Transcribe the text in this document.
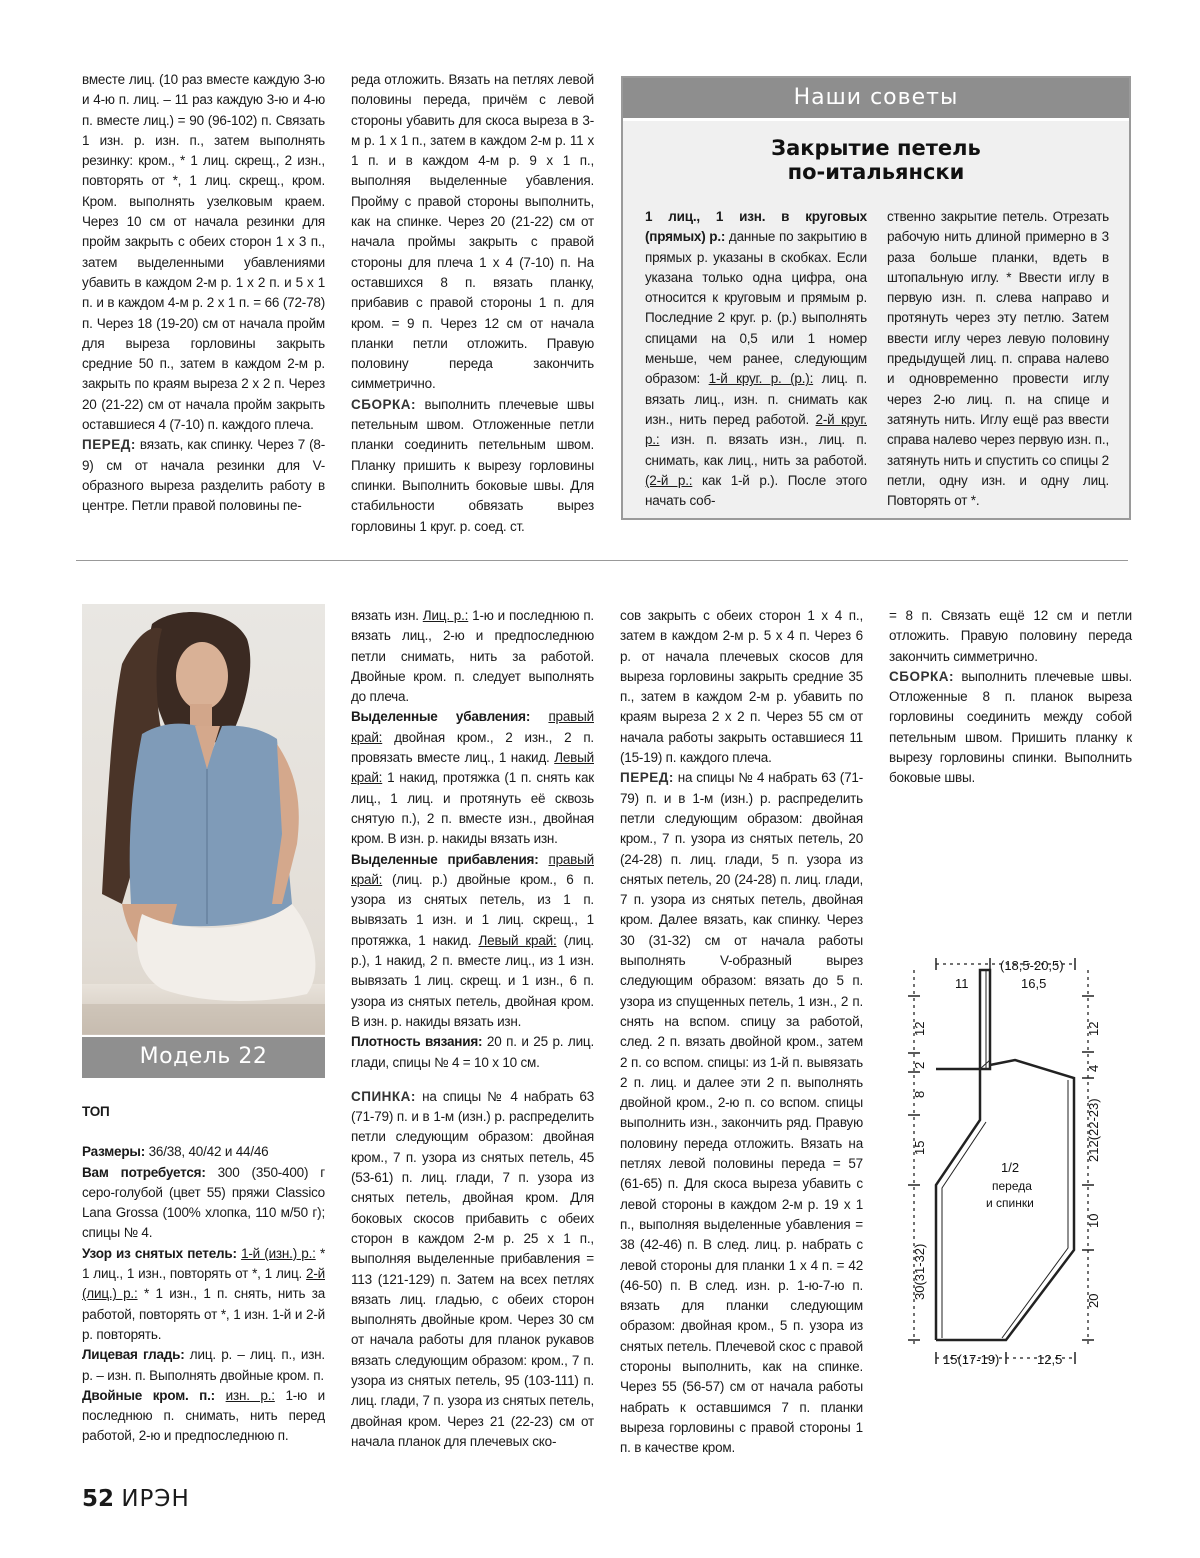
вместе лиц. (10 раз вместе каждую 3-ю и 4-ю п. лиц. – 11 раз каждую 3-ю и 4-ю п. вместе лиц.) = 90 (96-102) п. Связать 1 изн. р. изн. п., затем выполнять резинку: кром., * 1 лиц. скрещ., 2 изн., повторять от *, 1 лиц. скрещ., кром. Кром. выполнять узелковым краем. Через 10 см от начала резинки для пройм закрыть с обеих сторон 1 х 3 п., затем выделенными убавлениями убавить в каждом 2-м р. 1 х 2 п. и 5 х 1 п. и в каждом 4-м р. 2 х 1 п. = 66 (72-78) п. Через 18 (19-20) см от начала пройм для выреза горловины закрыть средние 50 п., затем в каждом 2-м р. закрыть по краям выреза 2 х 2 п. Через 20 (21-22) см от начала пройм закрыть оставшиеся 4 (7-10) п. каждого плеча.

ПЕРЕД: вязать, как спинку. Через 7 (8-9) см от начала резинки для V-образного выреза разделить работу в центре. Петли правой половины пе-

реда отложить. Вязать на петлях левой половины переда, причём с левой стороны убавить для скоса выреза в 3-м р. 1 х 1 п., затем в каждом 2-м р. 11 х 1 п. и в каждом 4-м р. 9 х 1 п., выполняя выделенные убавления. Пройму с правой стороны выполнить, как на спинке. Через 20 (21-22) см от начала проймы закрыть с правой стороны для плеча 1 х 4 (7-10) п. На оставшихся 8 п. вязать планку, прибавив с правой стороны 1 п. для кром. = 9 п. Через 12 см от начала планки петли отложить. Правую половину переда закончить симметрично.

СБОРКА: выполнить плечевые швы петельным швом. Отложенные петли планки соединить петельным швом. Планку пришить к вырезу горловины спинки. Выполнить боковые швы. Для стабильности обвязать вырез горловины 1 круг. р. соед. ст.

Наши советы
Закрытие петель
по-итальянски

1 лиц., 1 изн. в круговых (прямых) р.: данные по закрытию в прямых р. указаны в скобках. Если указана только одна цифра, она относится к круговым и прямым р. Последние 2 круг. р. (р.) выполнять спицами на 0,5 или 1 номер меньше, чем ранее, следующим образом: 1-й круг. р. (р.): лиц. п. вязать лиц., изн. п. снимать как изн., нить перед работой. 2-й круг. р.: изн. п. вязать изн., лиц. п. снимать, как лиц., нить за работой. (2-й р.: как 1-й р.). После этого начать соб-

ственно закрытие петель. Отрезать рабочую нить длиной примерно в 3 раза больше планки, вдеть в штопальную иглу. * Ввести иглу в первую изн. п. слева направо и протянуть через эту петлю. Затем ввести иглу через левую половину предыдущей лиц. п. справа налево и одновременно провести иглу через 2-ю лиц. п. на спице и затянуть нить. Иглу ещё раз ввести справа налево через первую изн. п., затянуть нить и спустить со спицы 2 петли, одну изн. и одну лиц. Повторять от *.

Модель 22

ТОП

Размеры: 36/38, 40/42 и 44/46

Вам потребуется: 300 (350-400) г серо-голубой (цвет 55) пряжи Classico Lana Grossa (100% хлопка, 110 м/50 г); спицы № 4.

Узор из снятых петель: 1-й (изн.) р.: * 1 лиц., 1 изн., повторять от *, 1 лиц. 2-й (лиц.) р.: * 1 изн., 1 п. снять, нить за работой, повторять от *, 1 изн. 1-й и 2-й р. повторять.

Лицевая гладь: лиц. р. – лиц. п., изн. р. – изн. п. Выполнять двойные кром. п.

Двойные кром. п.: изн. р.: 1-ю и последнюю п. снимать, нить перед работой, 2-ю и предпоследнюю п.

вязать изн. Лиц. р.: 1-ю и последнюю п. вязать лиц., 2-ю и предпоследнюю петли снимать, нить за работой. Двойные кром. п. следует выполнять до плеча.

Выделенные убавления: правый край: двойная кром., 2 изн., 2 п. провязать вместе лиц., 1 накид. Левый край: 1 накид, протяжка (1 п. снять как лиц., 1 лиц. и протянуть её сквозь снятую п.), 2 п. вместе изн., двойная кром. В изн. р. накиды вязать изн.

Выделенные прибавления: правый край: (лиц. р.) двойные кром., 6 п. узора из снятых петель, из 1 п. вывязать 1 изн. и 1 лиц. скрещ., 1 протяжка, 1 накид. Левый край: (лиц. р.), 1 накид, 2 п. вместе лиц., из 1 изн. вывязать 1 лиц. скрещ. и 1 изн., 6 п. узора из снятых петель, двойная кром. В изн. р. накиды вязать изн.

Плотность вязания: 20 п. и 25 р. лиц. глади, спицы № 4 = 10 х 10 см.

СПИНКА: на спицы № 4 набрать 63 (71-79) п. и в 1-м (изн.) р. распределить петли следующим образом: двойная кром., 7 п. узора из снятых петель, 45 (53-61) п. лиц. глади, 7 п. узора из снятых петель, двойная кром. Для боковых скосов прибавить с обеих сторон в каждом 2-м р. 25 х 1 п., выполняя выделенные прибавления = 113 (121-129) п. Затем на всех петлях вязать лиц. гладью, с обеих сторон выполнять двойные кром. Через 30 см от начала работы для планок рукавов вязать следующим образом: кром., 7 п. узора из снятых петель, 95 (103-111) п. лиц. глади, 7 п. узора из снятых петель, двойная кром. Через 21 (22-23) см от начала планок для плечевых ско-

сов закрыть с обеих сторон 1 х 4 п., затем в каждом 2-м р. 5 х 4 п. Через 6 р. от начала плечевых скосов для выреза горловины закрыть средние 35 п., затем в каждом 2-м р. убавить по краям выреза 2 х 2 п. Через 55 см от начала работы закрыть оставшиеся 11 (15-19) п. каждого плеча.

ПЕРЕД: на спицы № 4 набрать 63 (71-79) п. и в 1-м (изн.) р. распределить петли следующим образом: двойная кром., 7 п. узора из снятых петель, 20 (24-28) п. лиц. глади, 5 п. узора из снятых петель, 20 (24-28) п. лиц. глади, 7 п. узора из снятых петель, двойная кром. Далее вязать, как спинку. Через 30 (31-32) см от начала работы выполнять V-образный вырез следующим образом: вязать до 5 п. узора из спущенных петель, 1 изн., 2 п. снять на вспом. спицу за работой, след. 2 п. вязать двойной кром., затем 2 п. со вспом. спицы: из 1-й п. вывязать 2 п. лиц. и далее эти 2 п. выполнять двойной кром., 2-ю п. со вспом. спицы выполнить изн., закончить ряд. Правую половину переда отложить. Вязать на петлях левой половины переда = 57 (61-65) п. Для скоса выреза убавить с левой стороны в каждом 2-м р. 19 х 1 п., выполняя выделенные убавления = 38 (42-46) п. В след. лиц. р. набрать с левой стороны для планки 1 х 4 п. = 42 (46-50) п. В след. изн. р. 1-ю-7-ю п. вязать для планки следующим образом: двойная кром., 5 п. узора из снятых петель. Плечевой скос с правой стороны выполнить, как на спинке. Через 55 (56-57) см от начала работы набрать к оставшимся 7 п. планки выреза горловины с правой стороны 1 п. в качестве кром.

= 8 п. Связать ещё 12 см и петли отложить. Правую половину переда закончить симметрично.

СБОРКА: выполнить плечевые швы. Отложенные 8 п. планок выреза горловины соединить между собой петельным швом. Пришить планку к вырезу горловины спинки. Выполнить боковые швы.

(18,5-20,5)
11	16,5
15(17-19)	12,5
1/2
переда
и спинки
12
2
8
15
30(31-32)
12
4
212(22-23)
10
20
52 ИРЭН
